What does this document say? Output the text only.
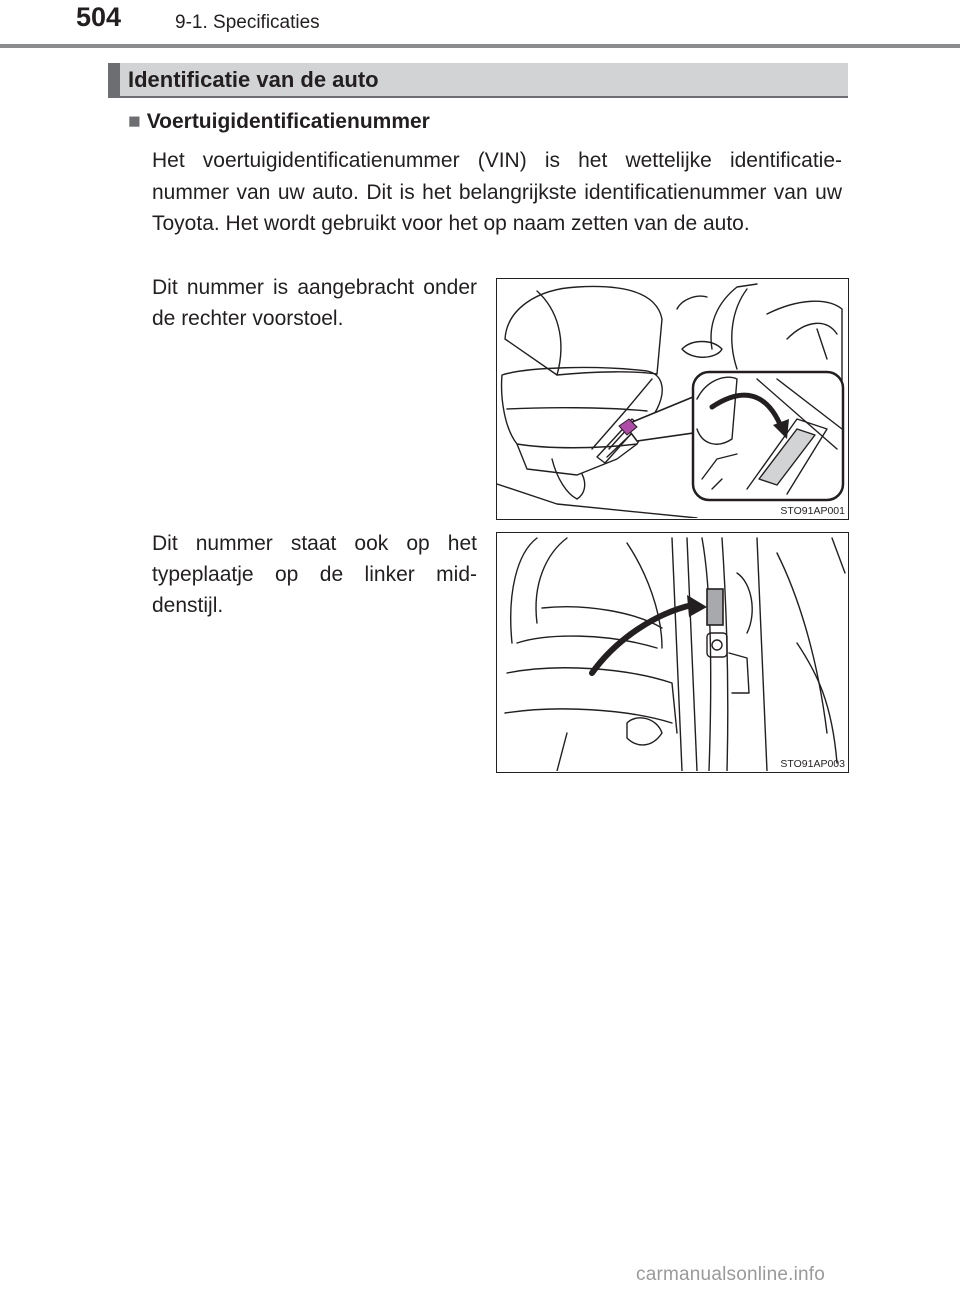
504	9-1. Specificaties
Identificatie van de auto
■ Voertuigidentificatienummer
Het voertuigidentificatienummer (VIN) is het wettelijke identificatie-nummer van uw auto. Dit is het belangrijkste identificatienummer van uw Toyota. Het wordt gebruikt voor het op naam zetten van de auto.
Dit nummer is aangebracht onder de rechter voorstoel.
STO91AP001
Dit nummer staat ook op het typeplaatje op de linker mid-denstijl.
STO91AP003
carmanualsonline.info
